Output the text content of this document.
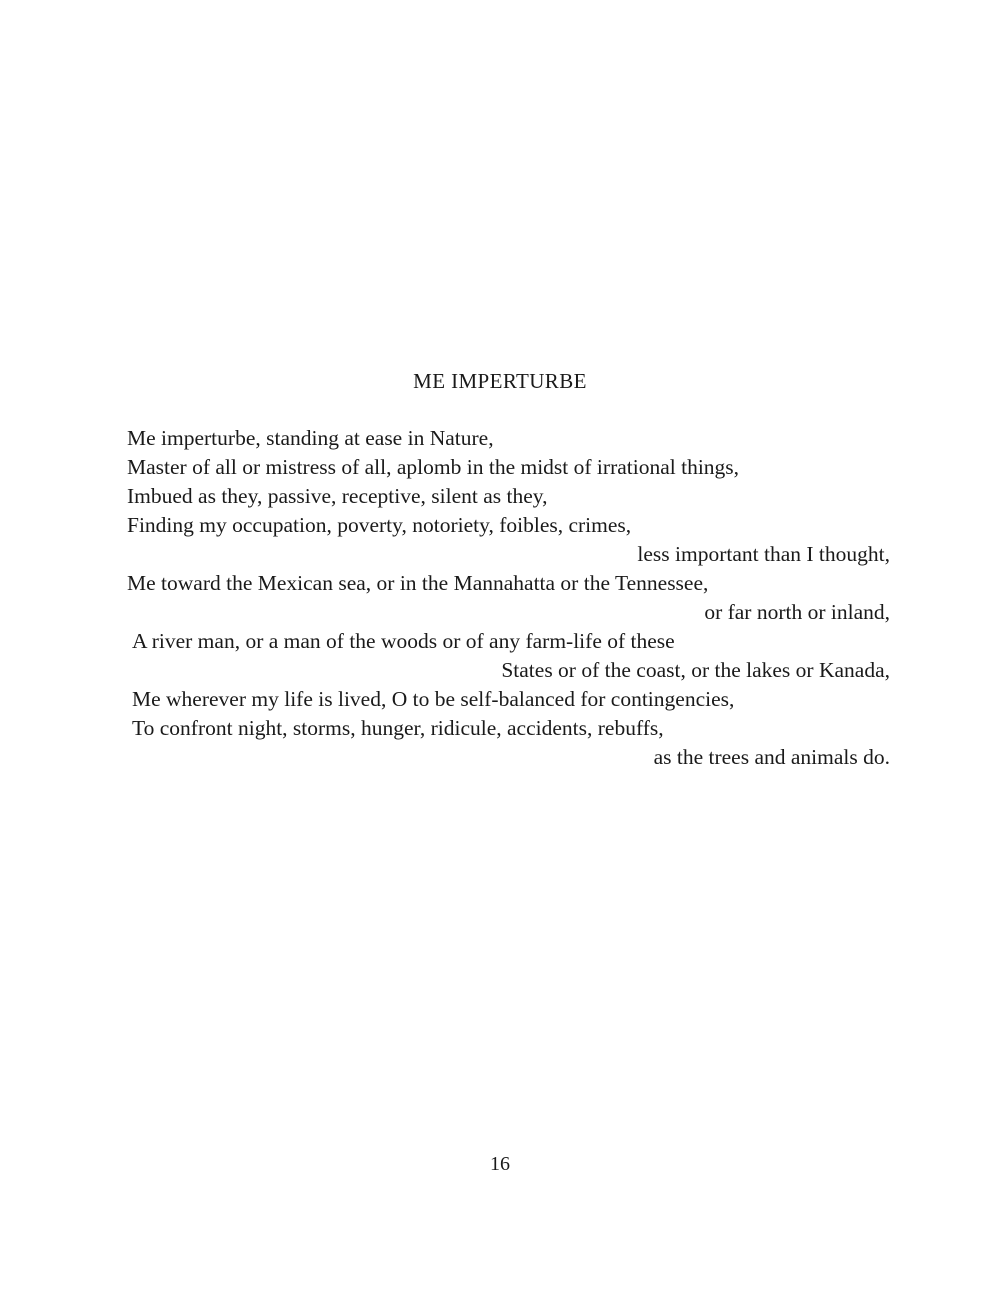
ME IMPERTURBE
Me imperturbe, standing at ease in Nature,
Master of all or mistress of all, aplomb in the midst of irrational things,
Imbued as they, passive, receptive, silent as they,
Finding my occupation, poverty, notoriety, foibles, crimes,
less important than I thought,
Me toward the Mexican sea, or in the Mannahatta or the Tennessee,
or far north or inland,
A river man, or a man of the woods or of any farm-life of these
States or of the coast, or the lakes or Kanada,
Me wherever my life is lived, O to be self-balanced for contingencies,
To confront night, storms, hunger, ridicule, accidents, rebuffs,
as the trees and animals do.
16
